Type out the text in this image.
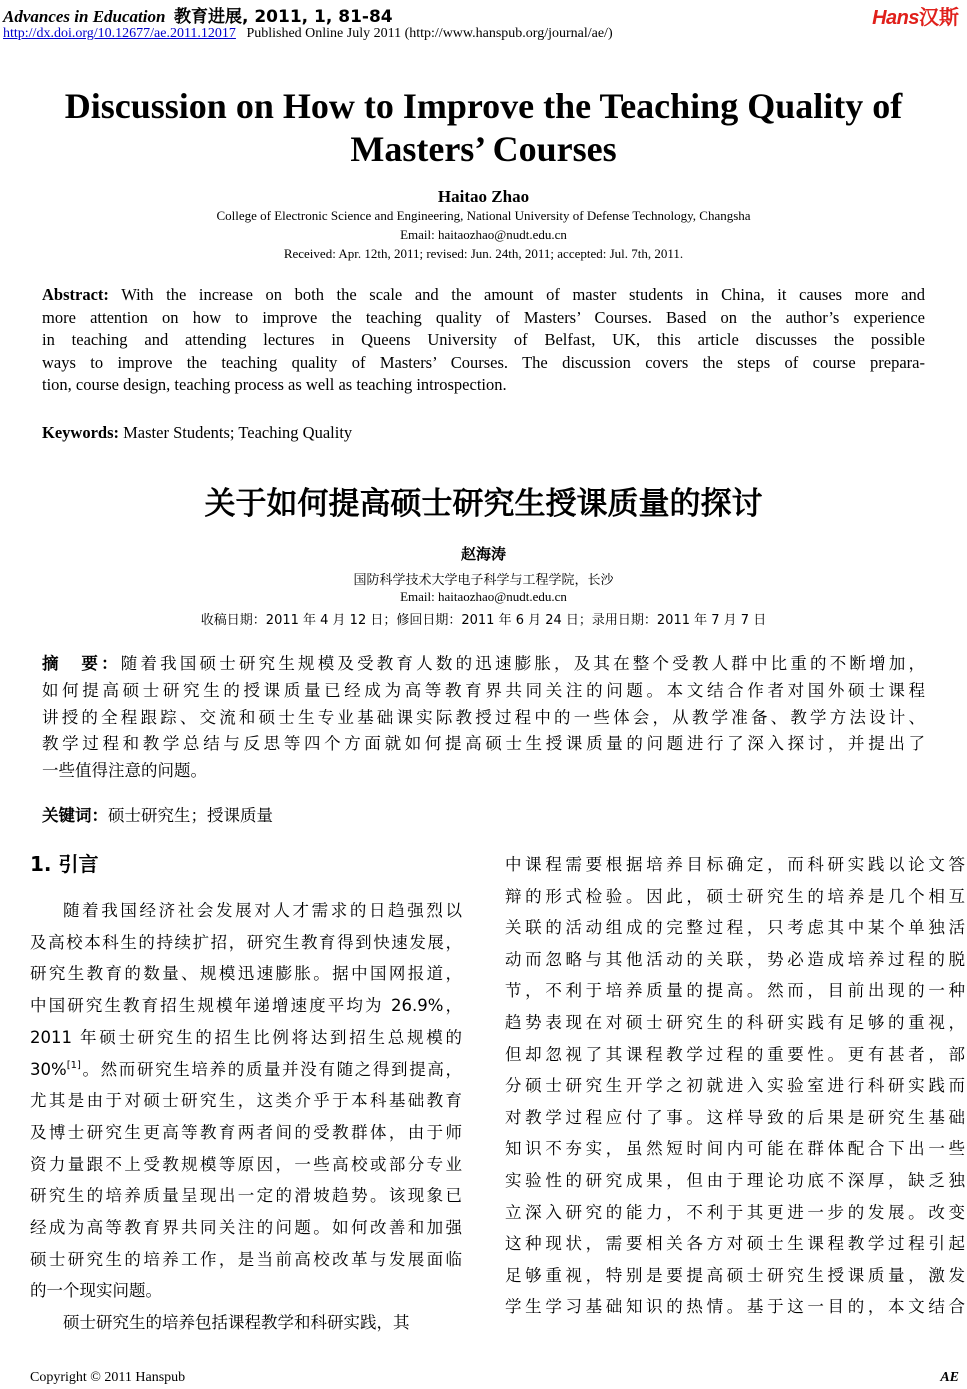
Advances in Education 教育进展, 2011, 1, 81-84
http://dx.doi.org/10.12677/ae.2011.12017 Published Online July 2011 (http://www.hanspub.org/journal/ae/)
Hans汉斯
Discussion on How to Improve the Teaching Quality of
Masters’ Courses
Haitao Zhao
College of Electronic Science and Engineering, National University of Defense Technology, Changsha
Email: haitaozhao@nudt.edu.cn
Received: Apr. 12th, 2011; revised: Jun. 24th, 2011; accepted: Jul. 7th, 2011.
Abstract: With the increase on both the scale and the amount of master students in China, it causes more and
more attention on how to improve the teaching quality of Masters’ Courses. Based on the author’s experience
in teaching and attending lectures in Queens University of Belfast, UK, this article discusses the possible
ways to improve the teaching quality of Masters’ Courses. The discussion covers the steps of course prepara-
tion, course design, teaching process as well as teaching introspection.
Keywords: Master Students; Teaching Quality
关于如何提高硕士研究生授课质量的探讨
赵海涛
国防科学技术大学电子科学与工程学院，长沙
Email: haitaozhao@nudt.edu.cn
收稿日期：2011 年 4 月 12 日；修回日期：2011 年 6 月 24 日；录用日期：2011 年 7 月 7 日
摘　要：随着我国硕士研究生规模及受教育人数的迅速膨胀，及其在整个受教人群中比重的不断增加，
如何提高硕士研究生的授课质量已经成为高等教育界共同关注的问题。本文结合作者对国外硕士课程
讲授的全程跟踪、交流和硕士生专业基础课实际教授过程中的一些体会，从教学准备、教学方法设计、
教学过程和教学总结与反思等四个方面就如何提高硕士生授课质量的问题进行了深入探讨，并提出了
一些值得注意的问题。
关键词：硕士研究生；授课质量
1. 引言
随着我国经济社会发展对人才需求的日趋强烈以
及高校本科生的持续扩招，研究生教育得到快速发展，
研究生教育的数量、规模迅速膨胀。据中国网报道，
中国研究生教育招生规模年递增速度平均为 26.9%，
2011 年硕士研究生的招生比例将达到招生总规模的
30%[1]。然而研究生培养的质量并没有随之得到提高，
尤其是由于对硕士研究生，这类介乎于本科基础教育
及博士研究生更高等教育两者间的受教群体，由于师
资力量跟不上受教规模等原因，一些高校或部分专业
研究生的培养质量呈现出一定的滑坡趋势。该现象已
经成为高等教育界共同关注的问题。如何改善和加强
硕士研究生的培养工作，是当前高校改革与发展面临
的一个现实问题。
硕士研究生的培养包括课程教学和科研实践，其
中课程需要根据培养目标确定，而科研实践以论文答
辩的形式检验。因此，硕士研究生的培养是几个相互
关联的活动组成的完整过程，只考虑其中某个单独活
动而忽略与其他活动的关联，势必造成培养过程的脱
节，不利于培养质量的提高。然而，目前出现的一种
趋势表现在对硕士研究生的科研实践有足够的重视，
但却忽视了其课程教学过程的重要性。更有甚者，部
分硕士研究生开学之初就进入实验室进行科研实践而
对教学过程应付了事。这样导致的后果是研究生基础
知识不夯实，虽然短时间内可能在群体配合下出一些
实验性的研究成果，但由于理论功底不深厚，缺乏独
立深入研究的能力，不利于其更进一步的发展。改变
这种现状，需要相关各方对硕士生课程教学过程引起
足够重视，特别是要提高硕士研究生授课质量，激发
学生学习基础知识的热情。基于这一目的，本文结合
Copyright © 2011 Hanspub	AE
